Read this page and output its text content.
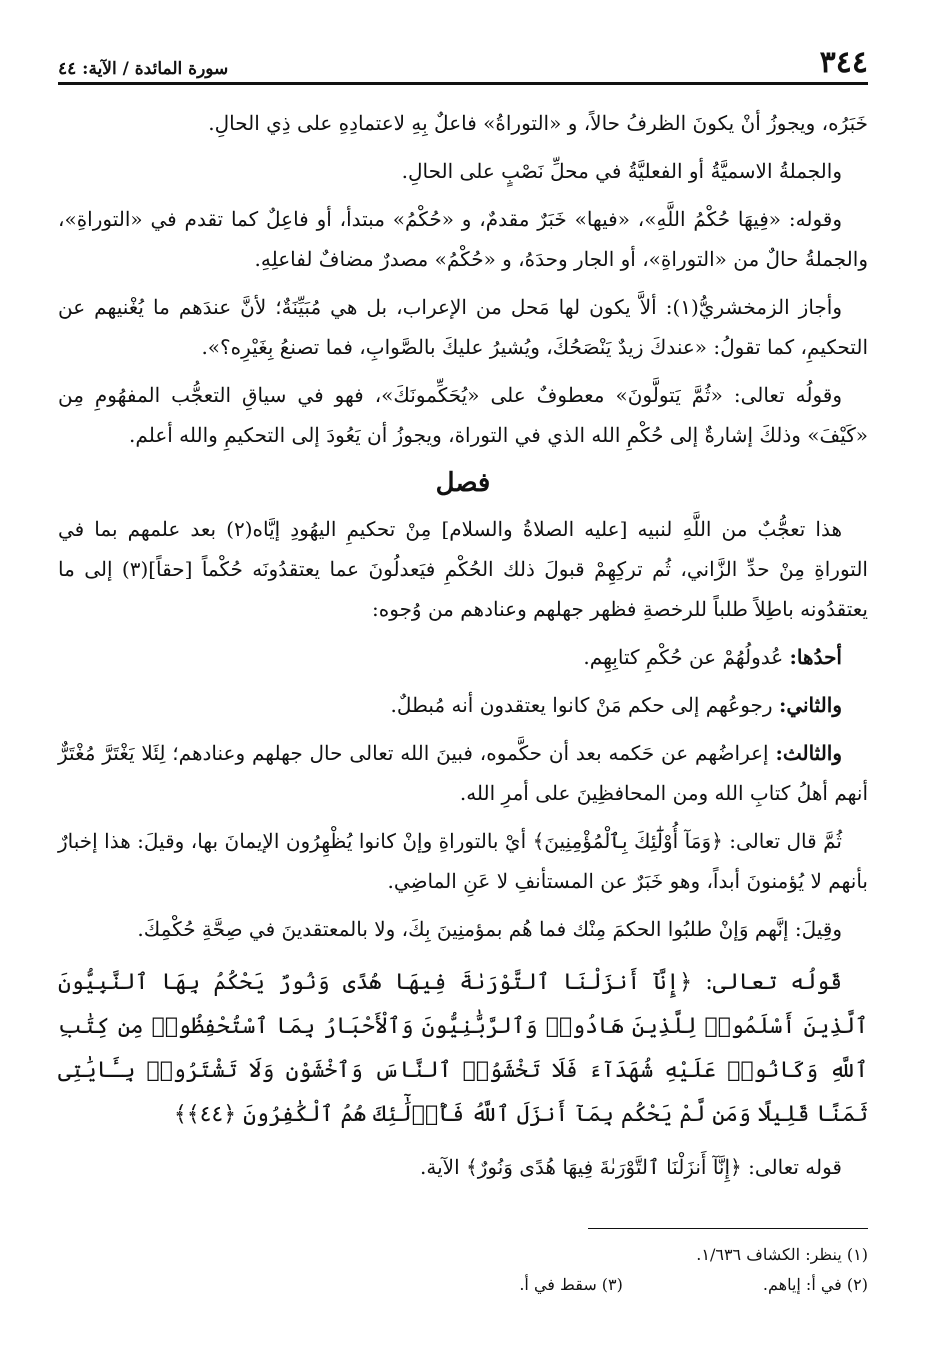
٣٤٤
سورة المائدة / الآية: ٤٤

خَبَرُه، ويجوزُ أنْ يكونَ الظرفُ حالاً، و «التوراةُ» فاعلٌ بِهِ لاعتمادِهِ على ذِي الحالِ.

والجملةُ الاسميَّةُ أو الفعليَّةُ في محلِّ نَصْبٍ على الحالِ.

وقوله: «فِيهَا حُكْمُ اللَّهِ»، «فيها» خَبَرٌ مقدمٌ، و «حُكْمُ» مبتدأ، أو فاعِلٌ كما تقدم في «التوراةِ»، والجملةُ حالٌ من «التوراةِ»، أو الجار وحدَهُ، و «حُكْمُ» مصدرٌ مضافٌ لفاعلِهِ.

وأجاز الزمخشريُّ(١): ألاَّ يكون لها مَحل من الإعراب، بل هي مُبَيِّنَةٌ؛ لأنَّ عندَهم ما يُغْنيهم عن التحكيمِ، كما تقولُ: «عندكَ زيدٌ يَنْصَحُكَ، ويُشيرُ عليكَ بالصَّوابِ، فما تصنعُ بِغَيْرِه؟».

وقولُه تعالى: «ثُمَّ يَتولَّونَ» معطوفٌ على «يُحَكِّمونَكَ»، فهو في سياقِ التعجُّب المفهُومِ مِن «كَيْفَ» وذلكَ إشارةٌ إلى حُكْمِ الله الذي في التوراة، ويجوزُ أن يَعُودَ إلى التحكيمِ والله أعلم.

فصل

هذا تعجُّبٌ من اللَّهِ لنبيه [عليه الصلاةُ والسلام] مِنْ تحكيمِ اليهُودِ إيَّاه(٢) بعد علمهم بما في التوراةِ مِنْ حدِّ الزَّاني، ثُم تركِهِمْ قبولَ ذلك الحُكْمِ فيَعدلُونَ عما يعتقدُونَه حُكْماً [حقاً](٣) إلى ما يعتقدُونه باطِلاً طلباً للرخصةِ فظهر جهلهم وعنادهم من وُجوه:

أحدُها: عُدولُهُمْ عن حُكْمِ كتابِهِم.

والثاني: رجوعُهم إلى حكم مَنْ كانوا يعتقدون أنه مُبطلٌ.

والثالث: إعراضُهم عن حَكمه بعد أن حكَّموه، فبينَ الله تعالى حال جهلهم وعنادهم؛ لِئَلا يَغْتَرَّ مُغْتَرٌّ أنهم أهلُ كتابِ الله ومن المحافظِينَ على أمرِ الله.

ثُمَّ قال تعالى: ﴿وَمَآ أُوْلَٰٓئِكَ بِٱلْمُؤْمِنِينَ﴾ أيْ بالتوراةِ وإنْ كانوا يُظْهِرُون الإيمانَ بها، وقيلَ: هذا إخبارٌ بأنهم لا يُؤمنونَ أبداً، وهو خَبَرٌ عن المستأنفِ لا عَنِ الماضِي.

وقِيلَ: إنَّهم وَإنْ طلبُوا الحكمَ مِنْك فما هُم بمؤمنِينَ بِكَ، ولا بالمعتقدينَ في صِحَّةِ حُكْمِكَ.

قَولُه تعالى: ﴿إِنَّآ أَنزَلْنَا ٱلتَّوْرَىٰةَ فِيهَا هُدًى وَنُورٌ يَحْكُمُ بِهَا ٱلنَّبِيُّونَ ٱلَّذِينَ أَسْلَمُوا۟ لِلَّذِينَ هَادُوا۟ وَٱلرَّبَّٰنِيُّونَ وَٱلْأَحْبَارُ بِمَا ٱسْتُحْفِظُوا۟ مِن كِتَٰبِ ٱللَّهِ وَكَانُوا۟ عَلَيْهِ شُهَدَآءَ فَلَا تَخْشَوُا۟ ٱلنَّاسَ وَٱخْشَوْنِ وَلَا تَشْتَرُوا۟ بِـَٔايَٰتِى ثَمَنًا قَلِيلًا وَمَن لَّمْ يَحْكُم بِمَآ أَنزَلَ ٱللَّهُ فَأُو۟لَٰٓئِكَ هُمُ ٱلْكَٰفِرُونَ ﴿٤٤﴾﴾

قوله تعالى: ﴿إِنَّآ أَنزَلْنَا ٱلتَّوْرَىٰةَ فِيهَا هُدًى وَنُورٌ﴾ الآية.

(١) ينظر: الكشاف ١/٦٣٦.
(٢) في أ: إياهم.
(٣) سقط في أ.
